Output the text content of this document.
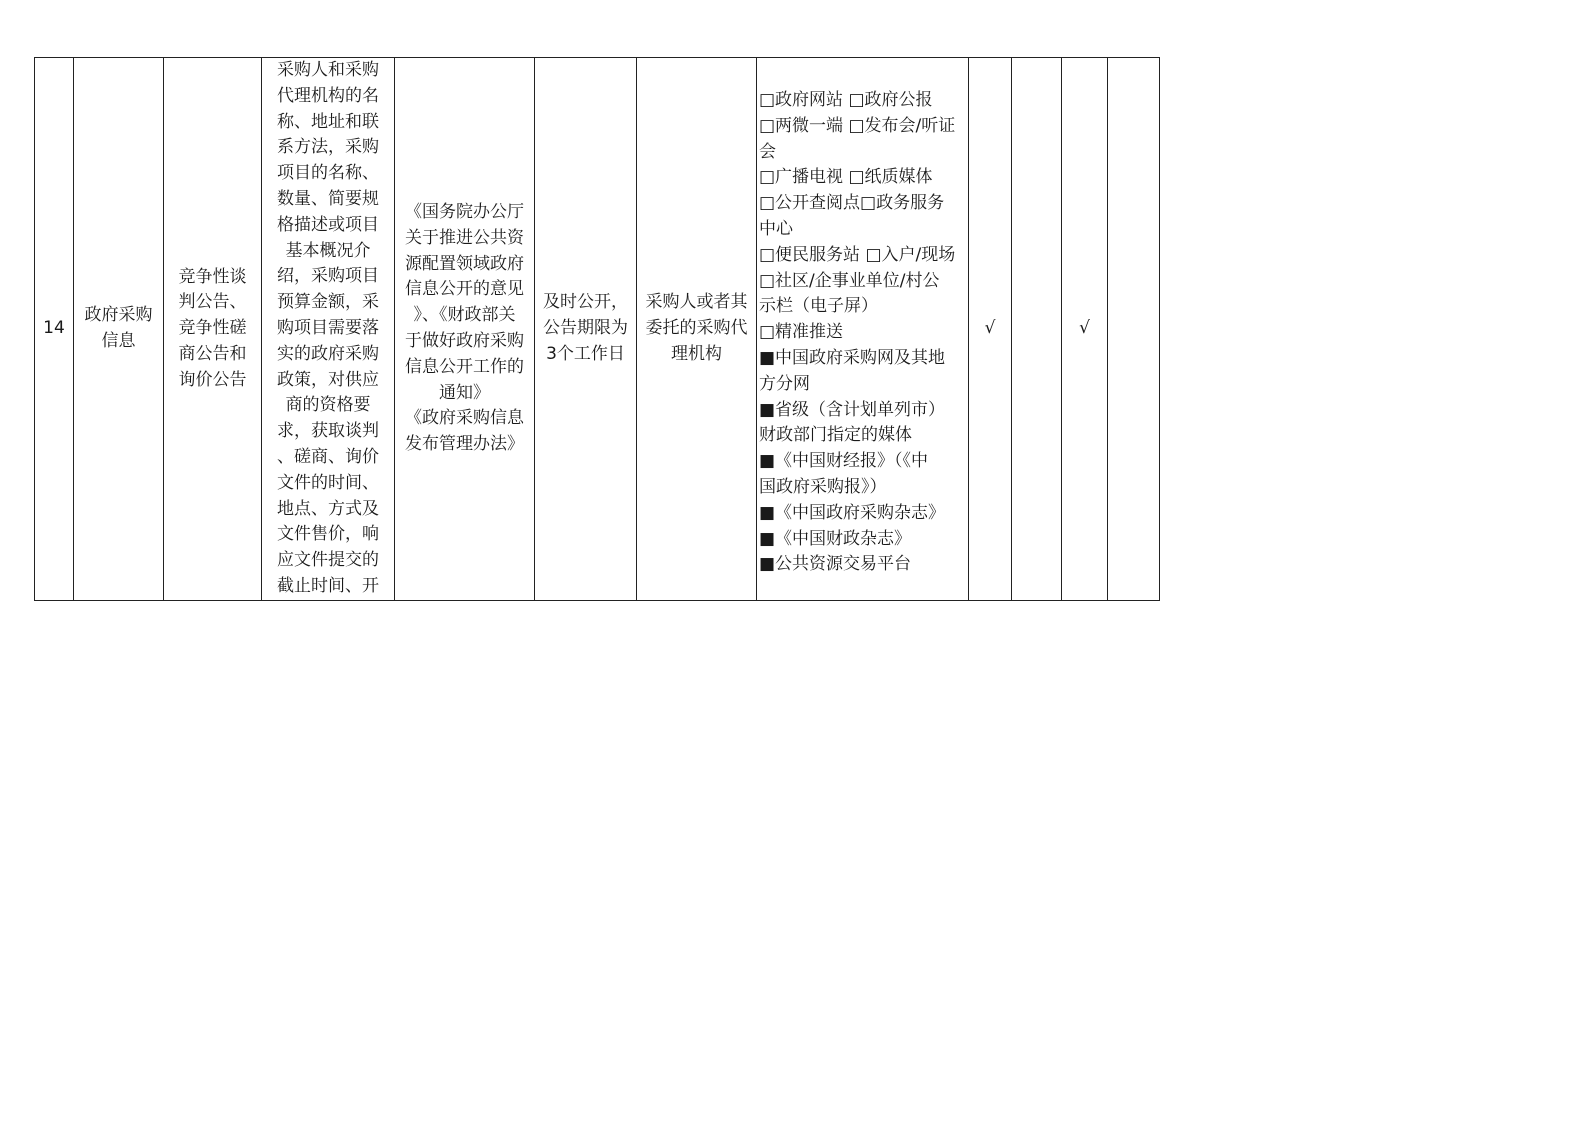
14	
政府采购
信息

竞争性谈
判公告、
竞争性磋
商公告和
询价公告

采购人和采购
代理机构的名
称、地址和联
系方法，采购
项目的名称、
数量、简要规
格描述或项目
基本概况介
绍，采购项目
预算金额，采
购项目需要落
实的政府采购
政策，对供应
商的资格要
求，获取谈判
、磋商、询价
文件的时间、
地点、方式及
文件售价，响
应文件提交的
截止时间、开

《国务院办公厅
关于推进公共资
源配置领域政府
信息公开的意见
》、《财政部关
于做好政府采购
信息公开工作的
通知》
《政府采购信息
发布管理办法》

及时公开，
公告期限为
3个工作日

采购人或者其
委托的采购代
理机构

□政府网站 □政府公报
□两微一端 □发布会/听证
会
□广播电视 □纸质媒体
□公开查阅点□政务服务
中心
□便民服务站 □入户/现场
□社区/企事业单位/村公
示栏（电子屏）
□精准推送
■中国政府采购网及其地
方分网
■省级（含计划单列市）
财政部门指定的媒体
■《中国财经报》（《中
国政府采购报》）
■《中国政府采购杂志》
■《中国财政杂志》
■公共资源交易平台
	√		√	
